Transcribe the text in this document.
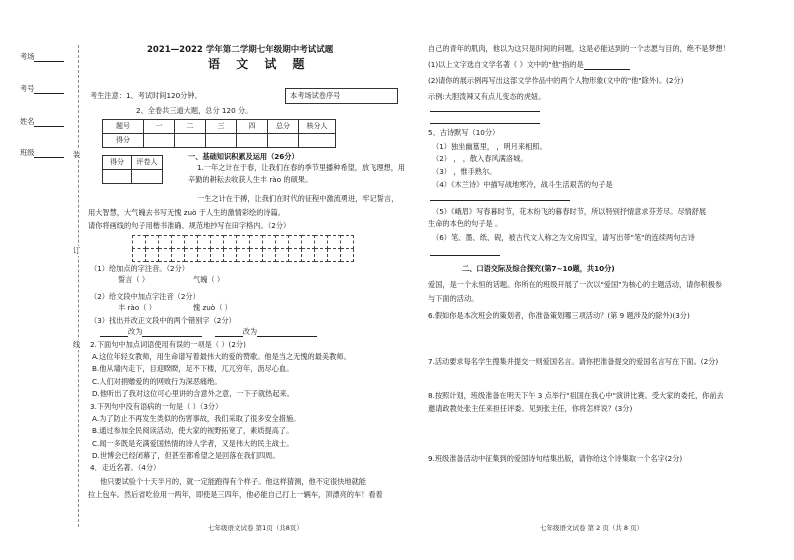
考场
考号
姓名
班级	装
订
线
2021—2022 学年第二学期七年级期中考试试题
语 文 试 题
考生注意：1、考试时间120分钟。
2、全卷共三道大题，总分 120 分。
本考场试卷序号
题号	一	二	三	四	总分	核分人
得分						
得分	评卷人

一、基础知识积累及运用（26分）
1.一年之计在于春，让我们在春的季节里播种希望，放飞理想，用
辛勤的耕耘去收获人生丰 rào 的硕果。
一生之计在于搏，让我们在时代的征程中激流勇进，牢记誓言，
用大智慧，大气魄去书写无愧 zuò 于人生的激情彩绘的诗篇。
请你将画线的句子用楷书准确、规范地抄写在田字格内。（2分）

（1）给加点的字注音。（2分）
誓言（ ）	气魄（ ）
（2）给文段中加点字注音（2分）
丰 rào（ ）	愧 zuò（ ）
（3）找出并改正文段中的两个错别字（2分）
改为	改为
2.下面句中加点词语使用有误的一项是（ ）(2分)
A.这位年轻女教师，用生命谱写着最伟大的爱的赞歌。他是当之无愧的最美教师。
B.他从墙内走下，目迎睽睽，足不下楼，兀兀穷年，沥尽心血。
C.人们对捐赠爱的的网败行为深恶痛绝。
D.他听出了我对这位可心里讲的含意外之意，一下子就热起来。
3.下列句中没有语病的一句是（ ）（3分）
A.为了防止不再发生类似的伤害事故，我们采取了很多安全措施。
B.通过参加全民阅读活动，使大家的视野拓宽了，素质提高了。
C.闻一多既是充满爱国热情的诗人学者，又是伟大的民主战士。
D.世博会已经闭幕了，但甚至都希望之是回落在我们四周。
4．走近名著。（4分）
他只要试验个十天半月的，就一定能跑得有个样子。他这样猜测，他不定很快地就能
拉上包车。然后省吃俭用一两年，即使是三四年，他必能自己打上一辆车，顶漂亮的车！看着
七年级语文试卷 第1页（共8页）
自己的青年的肌肉，他以为这只是时间的问题，这是必能达到的一个志愿与目的，绝不是梦想！
(1)以上文字选自文学名著《 》文中的"他"指的是
(2)请你的展示例再写出这部文学作品中的两个人物形象(文中的"他"除外)。(2分)
示例:大胆泼辣又有点儿变态的虎妞。
5、古诗默写（10分）
（1）独坐幽篁里， ，明月来相照。
（2） ， ，散入春风满洛城。
（3） ，惟手熟尔。
（4）《木兰诗》中描写战地寒冷，战斗生活艰苦的句子是
（5）《峨眉》写春暮时节，花木纷飞的暮春时节，所以特别抒情意求芬芳尽。尽情舒展
生命的本色的句子是 。
（6）笔、墨、纸、砚，被古代文人称之为文房四宝，请写出带"笔"的连续两句古诗
二、口语交际及综合探究(第7~10题，共10分)
爱国，是一个永恒的话题。你所在的班级开展了一次以"爱国"为核心的主题活动，请你积极参
与下面的活动。
6.假如你是本次班会的策划者，你准备策划哪三项活动？(第 9 题涉及的除外)(3分)
7.活动要求每名学生搜集并提交一则爱国名言。请你把准备提交的爱国名言写在下面。(2分)
8.按照计划，班级准备在明天下午 3 点举行"祖国在我心中"演讲比赛。受大家的委托，你前去
邀请政教处张主任来担任评委。见到张主任，你将怎样说？(3分)
9.班级准备活动中征集到的爱国诗句结集出版，请你给这个诗集取一个名字(2分)
七年级语文试卷 第 2 页（共 8 页）
